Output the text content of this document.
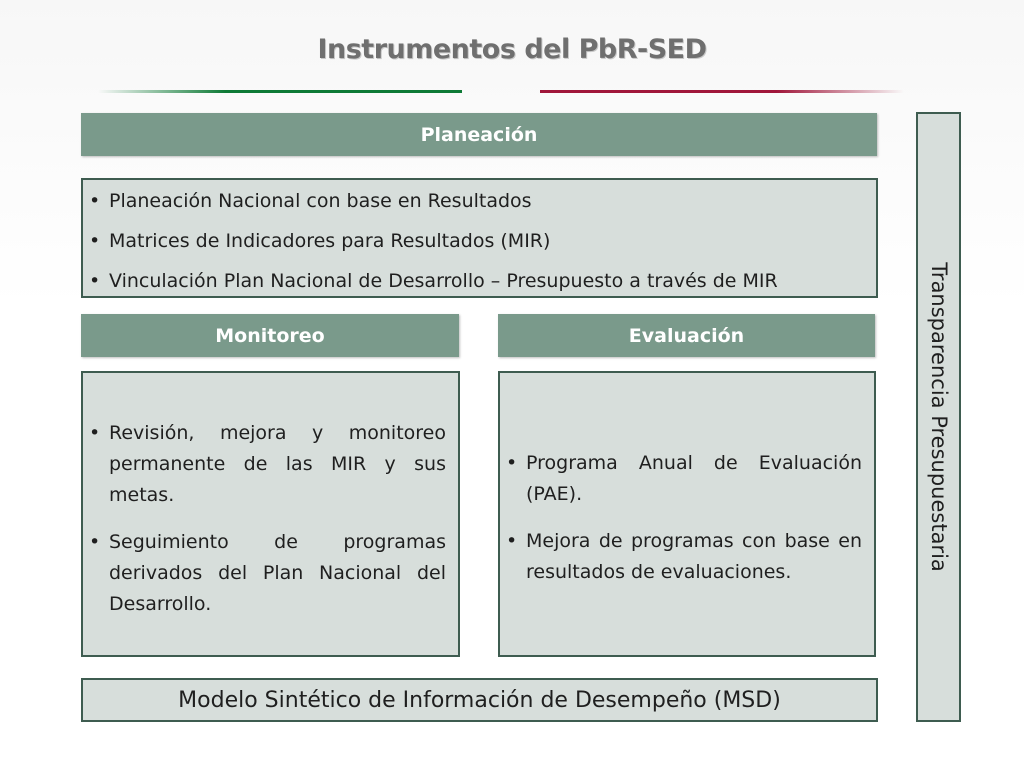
Instrumentos del PbR-SED
Planeación
• Planeación Nacional con base en Resultados
• Matrices de Indicadores para Resultados (MIR)
• Vinculación Plan Nacional de Desarrollo – Presupuesto a través de MIR
Monitoreo
• Revisión, mejora y monitoreo permanente de las MIR y sus metas.
• Seguimiento de programas derivados del Plan Nacional del Desarrollo.
Evaluación
• Programa Anual de Evaluación (PAE).
• Mejora de programas con base en resultados de evaluaciones.
Modelo Sintético de Información de Desempeño (MSD)
Transparencia Presupuestaria
